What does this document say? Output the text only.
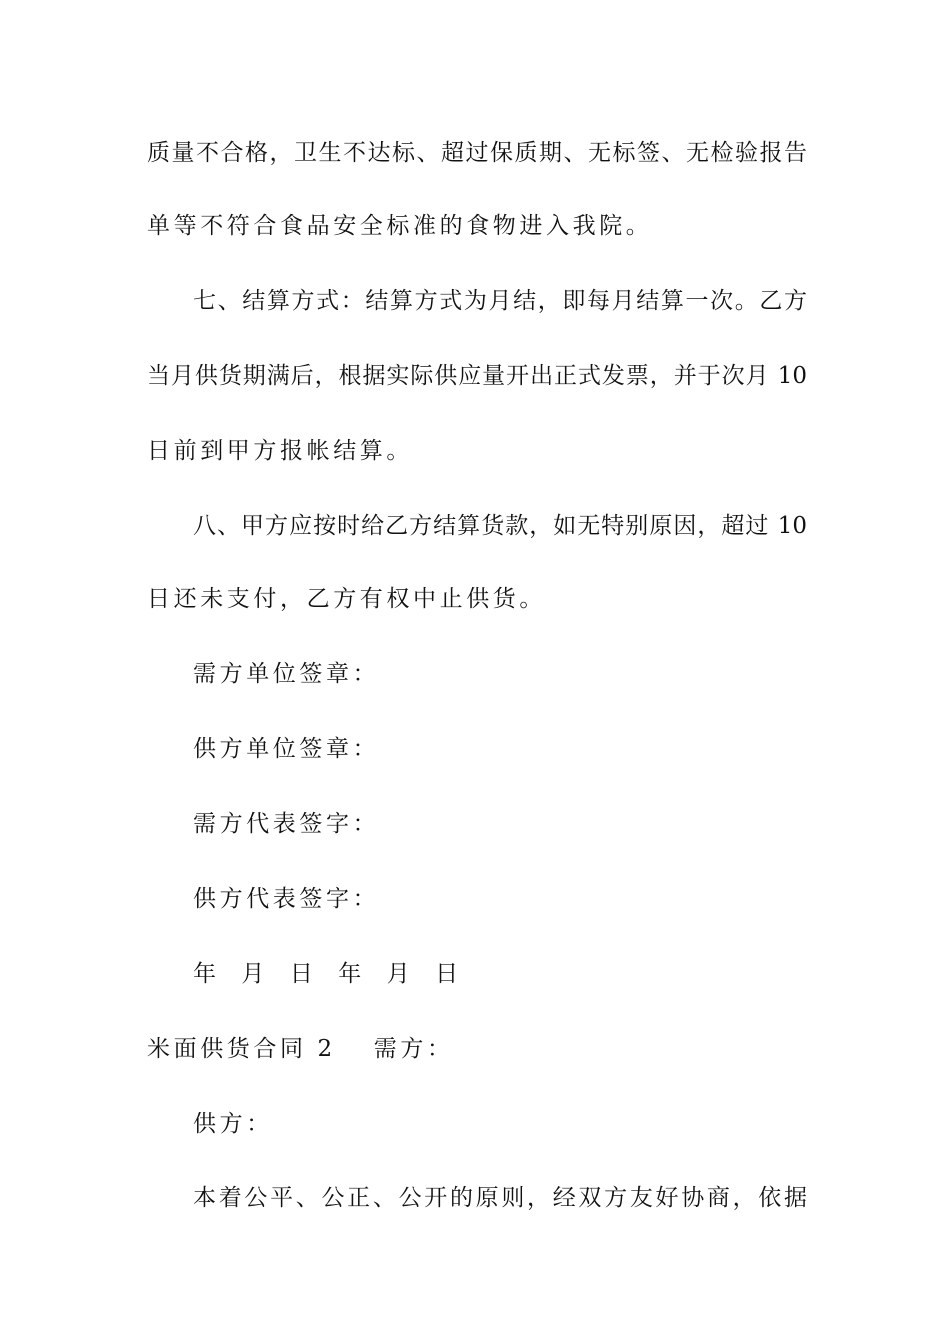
质量不合格，卫生不达标、超过保质期、无标签、无检验报告
单等不符合食品安全标准的食物进入我院。
七、结算方式：结算方式为月结，即每月结算一次。乙方
当月供货期满后，根据实际供应量开出正式发票，并于次月 10
日前到甲方报帐结算。
八、甲方应按时给乙方结算货款，如无特别原因，超过 10
日还未支付，乙方有权中止供货。
需方单位签章：
供方单位签章：
需方代表签字：
供方代表签字：
年  月  日  年  月  日
米面供货合同 2 需方：
供方：
本着公平、公正、公开的原则，经双方友好协商，依据
